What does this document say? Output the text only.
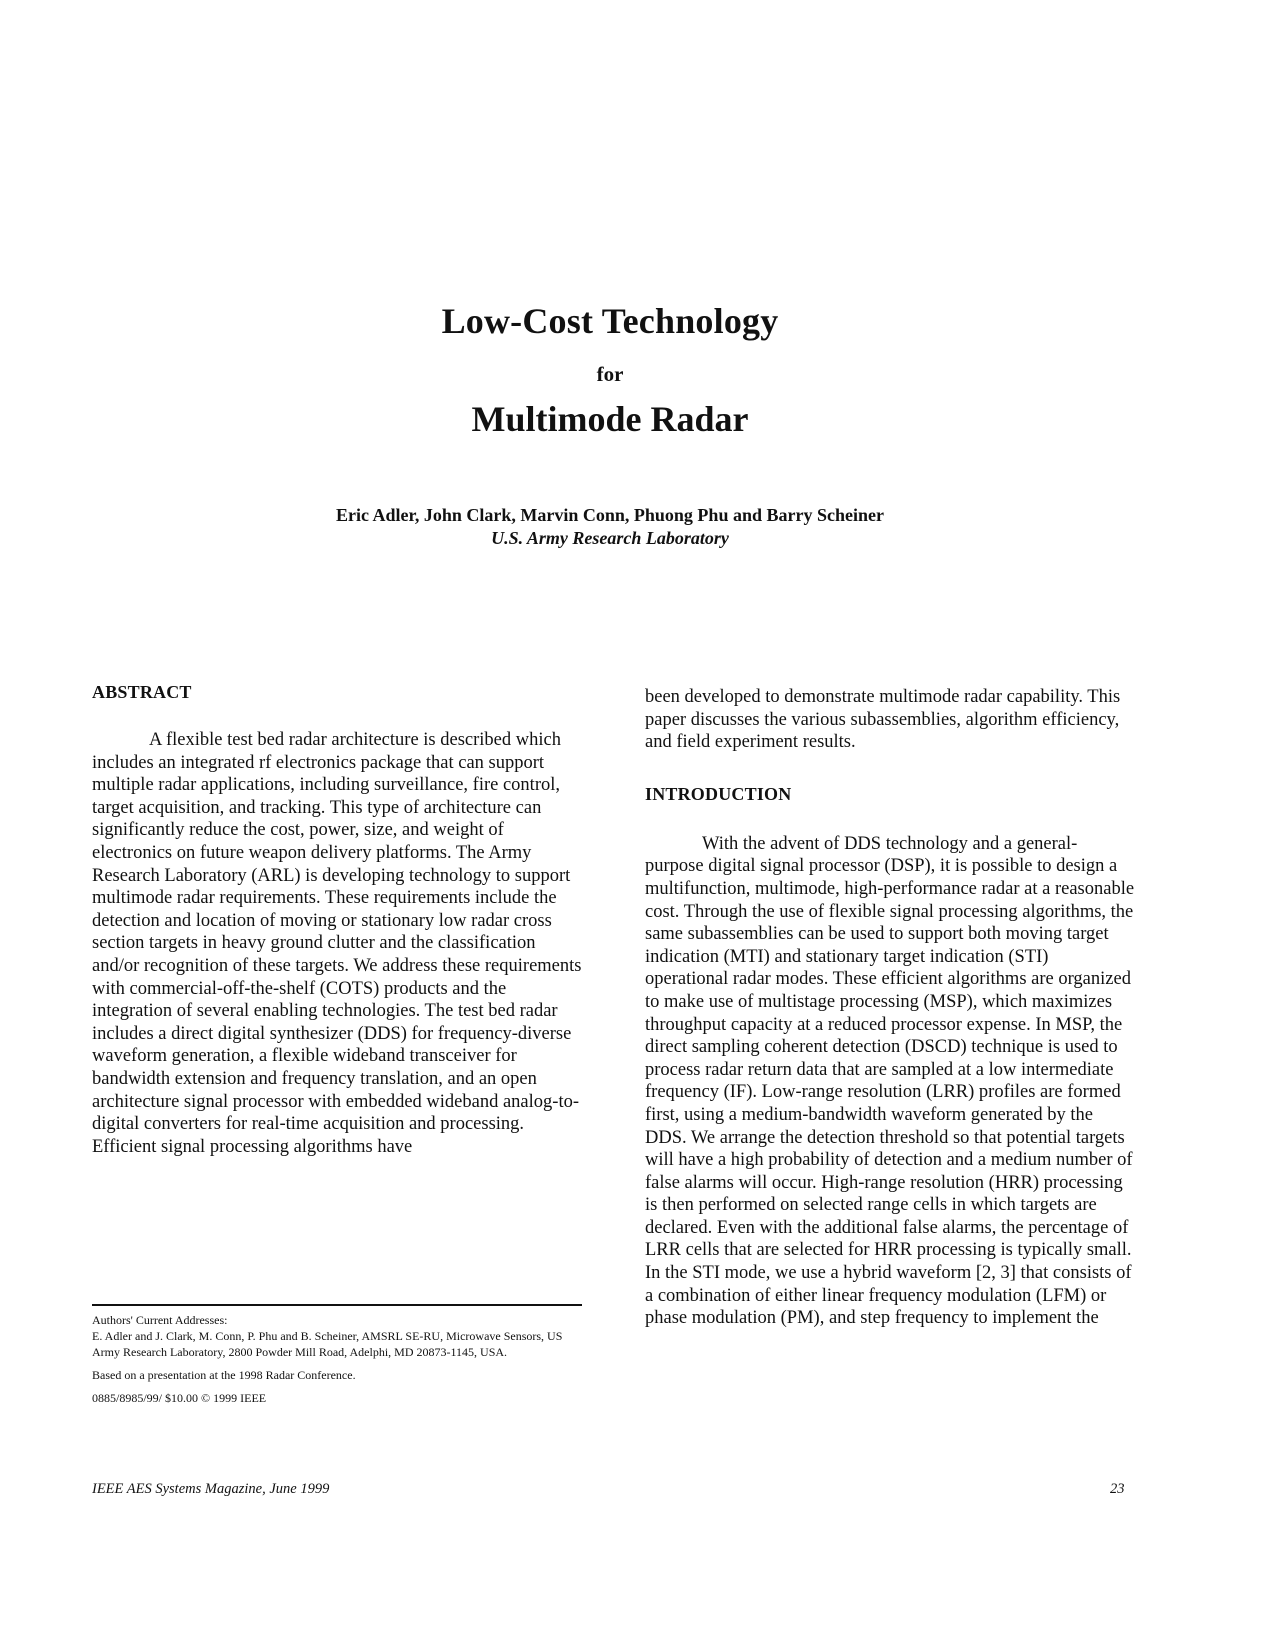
Low-Cost Technology
for
Multimode Radar
Eric Adler, John Clark, Marvin Conn, Phuong Phu and Barry Scheiner
U.S. Army Research Laboratory
ABSTRACT

A flexible test bed radar architecture is described which includes an integrated rf electronics package that can support multiple radar applications, including surveillance, fire control, target acquisition, and tracking. This type of architecture can significantly reduce the cost, power, size, and weight of electronics on future weapon delivery platforms. The Army Research Laboratory (ARL) is developing technology to support multimode radar requirements. These requirements include the detection and location of moving or stationary low radar cross section targets in heavy ground clutter and the classification and/or recognition of these targets. We address these requirements with commercial-off-the-shelf (COTS) products and the integration of several enabling technologies. The test bed radar includes a direct digital synthesizer (DDS) for frequency-diverse waveform generation, a flexible wideband transceiver for bandwidth extension and frequency translation, and an open architecture signal processor with embedded wideband analog-to-digital converters for real-time acquisition and processing. Efficient signal processing algorithms have

Authors' Current Addresses:

E. Adler and J. Clark, M. Conn, P. Phu and B. Scheiner, AMSRL SE-RU, Microwave Sensors, US Army Research Laboratory, 2800 Powder Mill Road, Adelphi, MD 20873-1145, USA.

Based on a presentation at the 1998 Radar Conference.

0885/8985/99/ $10.00 © 1999 IEEE

been developed to demonstrate multimode radar capability. This paper discusses the various subassemblies, algorithm efficiency, and field experiment results.

INTRODUCTION

With the advent of DDS technology and a general-purpose digital signal processor (DSP), it is possible to design a multifunction, multimode, high-performance radar at a reasonable cost. Through the use of flexible signal processing algorithms, the same subassemblies can be used to support both moving target indication (MTI) and stationary target indication (STI) operational radar modes. These efficient algorithms are organized to make use of multistage processing (MSP), which maximizes throughput capacity at a reduced processor expense. In MSP, the direct sampling coherent detection (DSCD) technique is used to process radar return data that are sampled at a low intermediate frequency (IF). Low-range resolution (LRR) profiles are formed first, using a medium-bandwidth waveform generated by the DDS. We arrange the detection threshold so that potential targets will have a high probability of detection and a medium number of false alarms will occur. High-range resolution (HRR) processing is then performed on selected range cells in which targets are declared. Even with the additional false alarms, the percentage of LRR cells that are selected for HRR processing is typically small. In the STI mode, we use a hybrid waveform [2, 3] that consists of a combination of either linear frequency modulation (LFM) or phase modulation (PM), and step frequency to implement the

IEEE AES Systems Magazine, June 1999	23
